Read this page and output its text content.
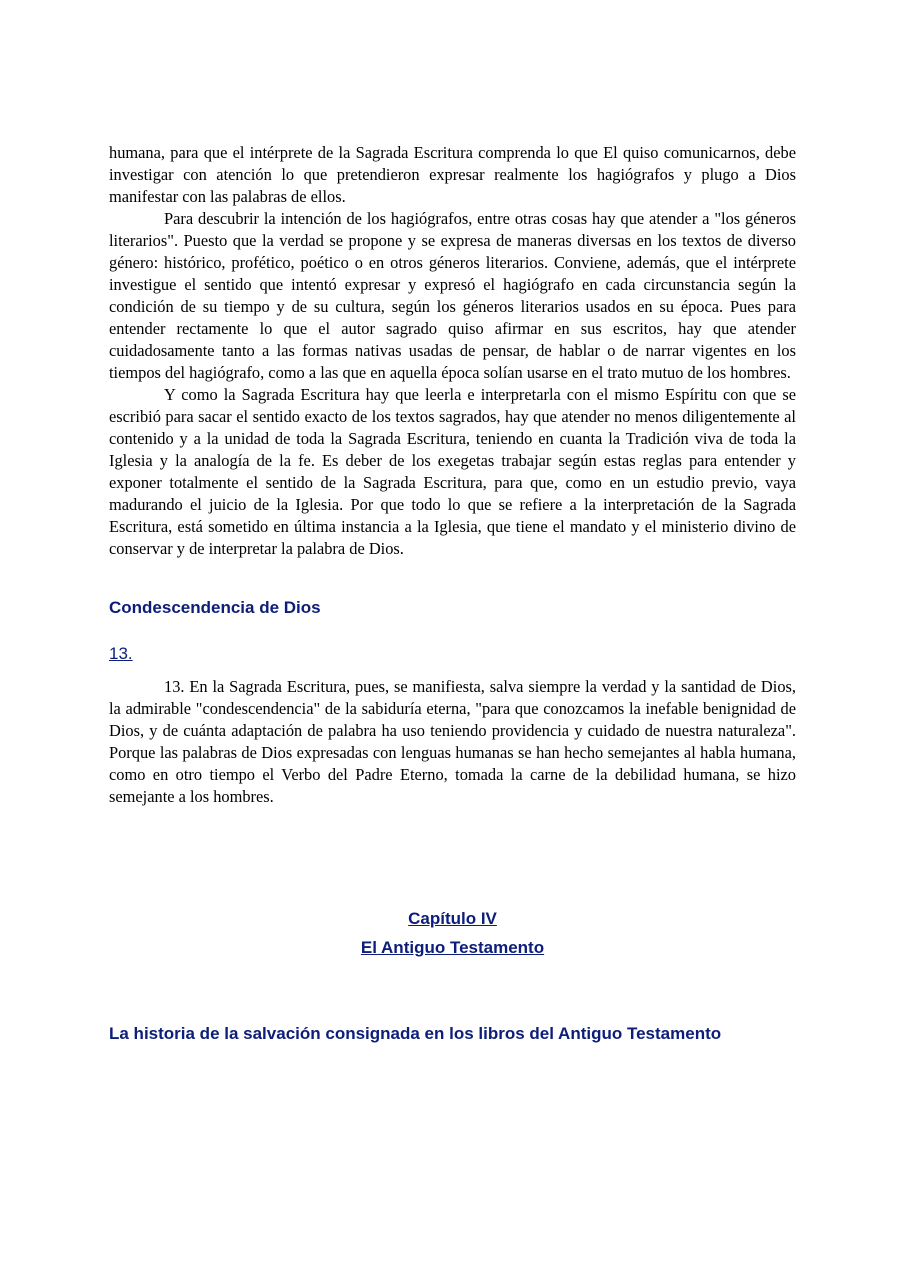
humana, para que el intérprete de la Sagrada Escritura comprenda lo que El quiso comunicarnos, debe investigar con atención lo que pretendieron expresar realmente los hagiógrafos y plugo a Dios manifestar con las palabras de ellos.

Para descubrir la intención de los hagiógrafos, entre otras cosas hay que atender a "los géneros literarios". Puesto que la verdad se propone y se expresa de maneras diversas en los textos de diverso género: histórico, profético, poético o en otros géneros literarios. Conviene, además, que el intérprete investigue el sentido que intentó expresar y expresó el hagiógrafo en cada circunstancia según la condición de su tiempo y de su cultura, según los géneros literarios usados en su época. Pues para entender rectamente lo que el autor sagrado quiso afirmar en sus escritos, hay que atender cuidadosamente tanto a las formas nativas usadas de pensar, de hablar o de narrar vigentes en los tiempos del hagiógrafo, como a las que en aquella época solían usarse en el trato mutuo de los hombres.

Y como la Sagrada Escritura hay que leerla e interpretarla con el mismo Espíritu con que se escribió para sacar el sentido exacto de los textos sagrados, hay que atender no menos diligentemente al contenido y a la unidad de toda la Sagrada Escritura, teniendo en cuanta la Tradición viva de toda la Iglesia y la analogía de la fe. Es deber de los exegetas trabajar según estas reglas para entender y exponer totalmente el sentido de la Sagrada Escritura, para que, como en un estudio previo, vaya madurando el juicio de la Iglesia. Por que todo lo que se refiere a la interpretación de la Sagrada Escritura, está sometido en última instancia a la Iglesia, que tiene el mandato y el ministerio divino de conservar y de interpretar la palabra de Dios.

Condescendencia de Dios
13.

13. En la Sagrada Escritura, pues, se manifiesta, salva siempre la verdad y la santidad de Dios, la admirable "condescendencia" de la sabiduría eterna, "para que conozcamos la inefable benignidad de Dios, y de cuánta adaptación de palabra ha uso teniendo providencia y cuidado de nuestra naturaleza". Porque las palabras de Dios expresadas con lenguas humanas se han hecho semejantes al habla humana, como en otro tiempo el Verbo del Padre Eterno, tomada la carne de la debilidad humana, se hizo semejante a los hombres.

Capítulo IV
El Antiguo Testamento
La historia de la salvación consignada en los libros del Antiguo Testamento
